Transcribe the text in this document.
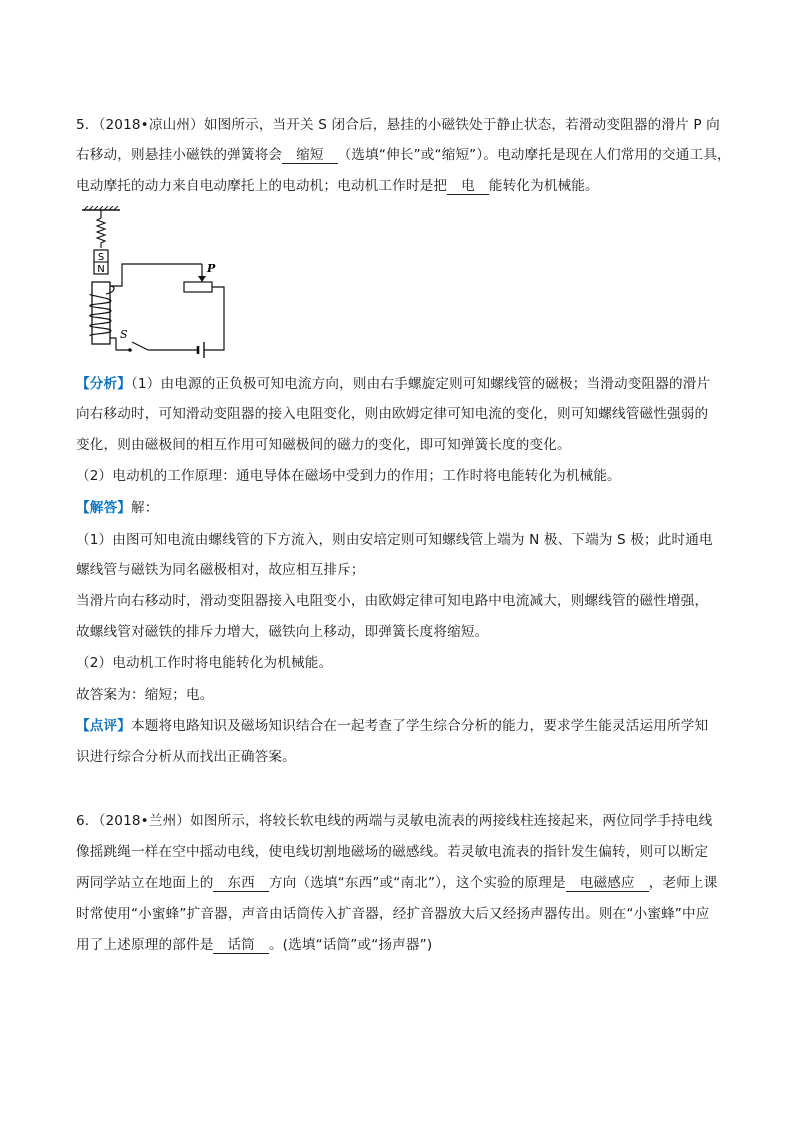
5．（2018•凉山州）如图所示，当开关 S 闭合后，悬挂的小磁铁处于静止状态，若滑动变阻器的滑片 P 向
右移动，则悬挂小磁铁的弹簧将会 缩短 （选填“伸长”或“缩短”）。电动摩托是现在人们常用的交通工具，
电动摩托的动力来自电动摩托上的电动机；电动机工作时是把 电 能转化为机械能。
S
N	P
S
【分析】（1）由电源的正负极可知电流方向，则由右手螺旋定则可知螺线管的磁极；当滑动变阻器的滑片
向右移动时，可知滑动变阻器的接入电阻变化，则由欧姆定律可知电流的变化，则可知螺线管磁性强弱的
变化，则由磁极间的相互作用可知磁极间的磁力的变化，即可知弹簧长度的变化。
（2）电动机的工作原理：通电导体在磁场中受到力的作用；工作时将电能转化为机械能。
【解答】解：
（1）由图可知电流由螺线管的下方流入，则由安培定则可知螺线管上端为 N 极、下端为 S 极；此时通电
螺线管与磁铁为同名磁极相对，故应相互排斥；
当滑片向右移动时，滑动变阻器接入电阻变小，由欧姆定律可知电路中电流减大，则螺线管的磁性增强，
故螺线管对磁铁的排斥力增大，磁铁向上移动，即弹簧长度将缩短。
（2）电动机工作时将电能转化为机械能。
故答案为：缩短；电。
【点评】本题将电路知识及磁场知识结合在一起考查了学生综合分析的能力，要求学生能灵活运用所学知
识进行综合分析从而找出正确答案。
6．（2018•兰州）如图所示，将较长软电线的两端与灵敏电流表的两接线柱连接起来，两位同学手持电线
像摇跳绳一样在空中摇动电线，使电线切割地磁场的磁感线。若灵敏电流表的指针发生偏转，则可以断定
两同学站立在地面上的 东西 方向（选填“东西”或“南北”），这个实验的原理是 电磁感应 ，老师上课
时常使用“小蜜蜂”扩音器，声音由话筒传入扩音器，经扩音器放大后又经扬声器传出。则在“小蜜蜂”中应
用了上述原理的部件是 话筒 。(选填“话筒”或“扬声器”)
